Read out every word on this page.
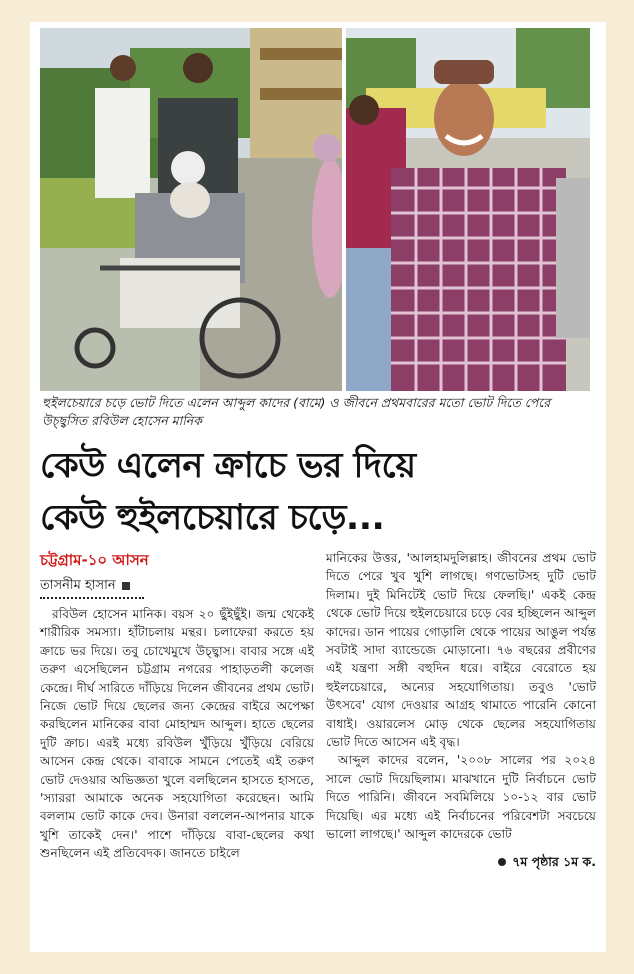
হুইলচেয়ারে চড়ে ভোট দিতে এলেন আব্দুল কাদের (বামে) ও জীবনে প্রথমবারের মতো ভোট দিতে পেরে উচ্ছ্বসিত রবিউল হোসেন মানিক
কেউ এলেন ক্রাচে ভর দিয়ে
কেউ হুইলচেয়ারে চড়ে...
চট্টগ্রাম-১০ আসন
তাসনীম হাসান

রবিউল হোসেন মানিক। বয়স ২০ ছুঁইছুঁই। জন্ম থেকেই শারীরিক সমস্যা। হাঁটাচলায় মন্থর। চলাফেরা করতে হয় ক্রাচে ভর দিয়ে। তবু চোখেমুখে উচ্ছ্বাস। বাবার সঙ্গে এই তরুণ এসেছিলেন চট্টগ্রাম নগরের পাহাড়তলী কলেজ কেন্দ্রে। দীর্ঘ সারিতে দাঁড়িয়ে দিলেন জীবনের প্রথম ভোট। নিজে ভোট দিয়ে ছেলের জন্য কেন্দ্রের বাইরে অপেক্ষা করছিলেন মানিকের বাবা মোহাম্মদ আব্দুল। হাতে ছেলের দুটি ক্রাচ। এরই মধ্যে রবিউল খুঁড়িয়ে খুঁড়িয়ে বেরিয়ে আসেন কেন্দ্র থেকে। বাবাকে সামনে পেতেই এই তরুণ ভোট দেওয়ার অভিজ্ঞতা খুলে বলছিলেন হাসতে হাসতে, 'স্যাররা আমাকে অনেক সহযোগিতা করেছেন। আমি বললাম ভোট কাকে দেব। উনারা বললেন-আপনার যাকে খুশি তাকেই দেন।' পাশে দাঁড়িয়ে বাবা-ছেলের কথা শুনছিলেন এই প্রতিবেদক। জানতে চাইলে

মানিকের উত্তর, 'আলহামদুলিল্লাহ। জীবনের প্রথম ভোট দিতে পেরে খুব খুশি লাগছে। গণভোটসহ দুটি ভোট দিলাম। দুই মিনিটেই ভোট দিয়ে ফেলছি।' একই কেন্দ্র থেকে ভোট দিয়ে হুইলচেয়ারে চড়ে বের হচ্ছিলেন আব্দুল কাদের। ডান পায়ের গোড়ালি থেকে পায়ের আঙুল পর্যন্ত সবটাই সাদা ব্যান্ডেজে মোড়ানো। ৭৬ বছরের প্রবীণের এই যন্ত্রণা সঙ্গী বহুদিন ধরে। বাইরে বেরোতে হয় হুইলচেয়ারে, অন্যের সহযোগিতায়। তবুও 'ভোট উৎসবে' যোগ দেওয়ার আগ্রহ থামাতে পারেনি কোনো বাধাই। ওয়ারলেস মোড় থেকে ছেলের সহযোগিতায় ভোট দিতে আসেন এই বৃদ্ধ।

আব্দুল কাদের বলেন, '২০০৮ সালের পর ২০২৪ সালে ভোট দিয়েছিলাম। মাঝখানে দুটি নির্বাচনে ভোট দিতে পারিনি। জীবনে সবমিলিয়ে ১০-১২ বার ভোট দিয়েছি। এর মধ্যে এই নির্বাচনের পরিবেশটা সবচেয়ে ভালো লাগছে।' আব্দুল কাদেরকে ভোট

৭ম পৃষ্ঠার ১ম ক.
